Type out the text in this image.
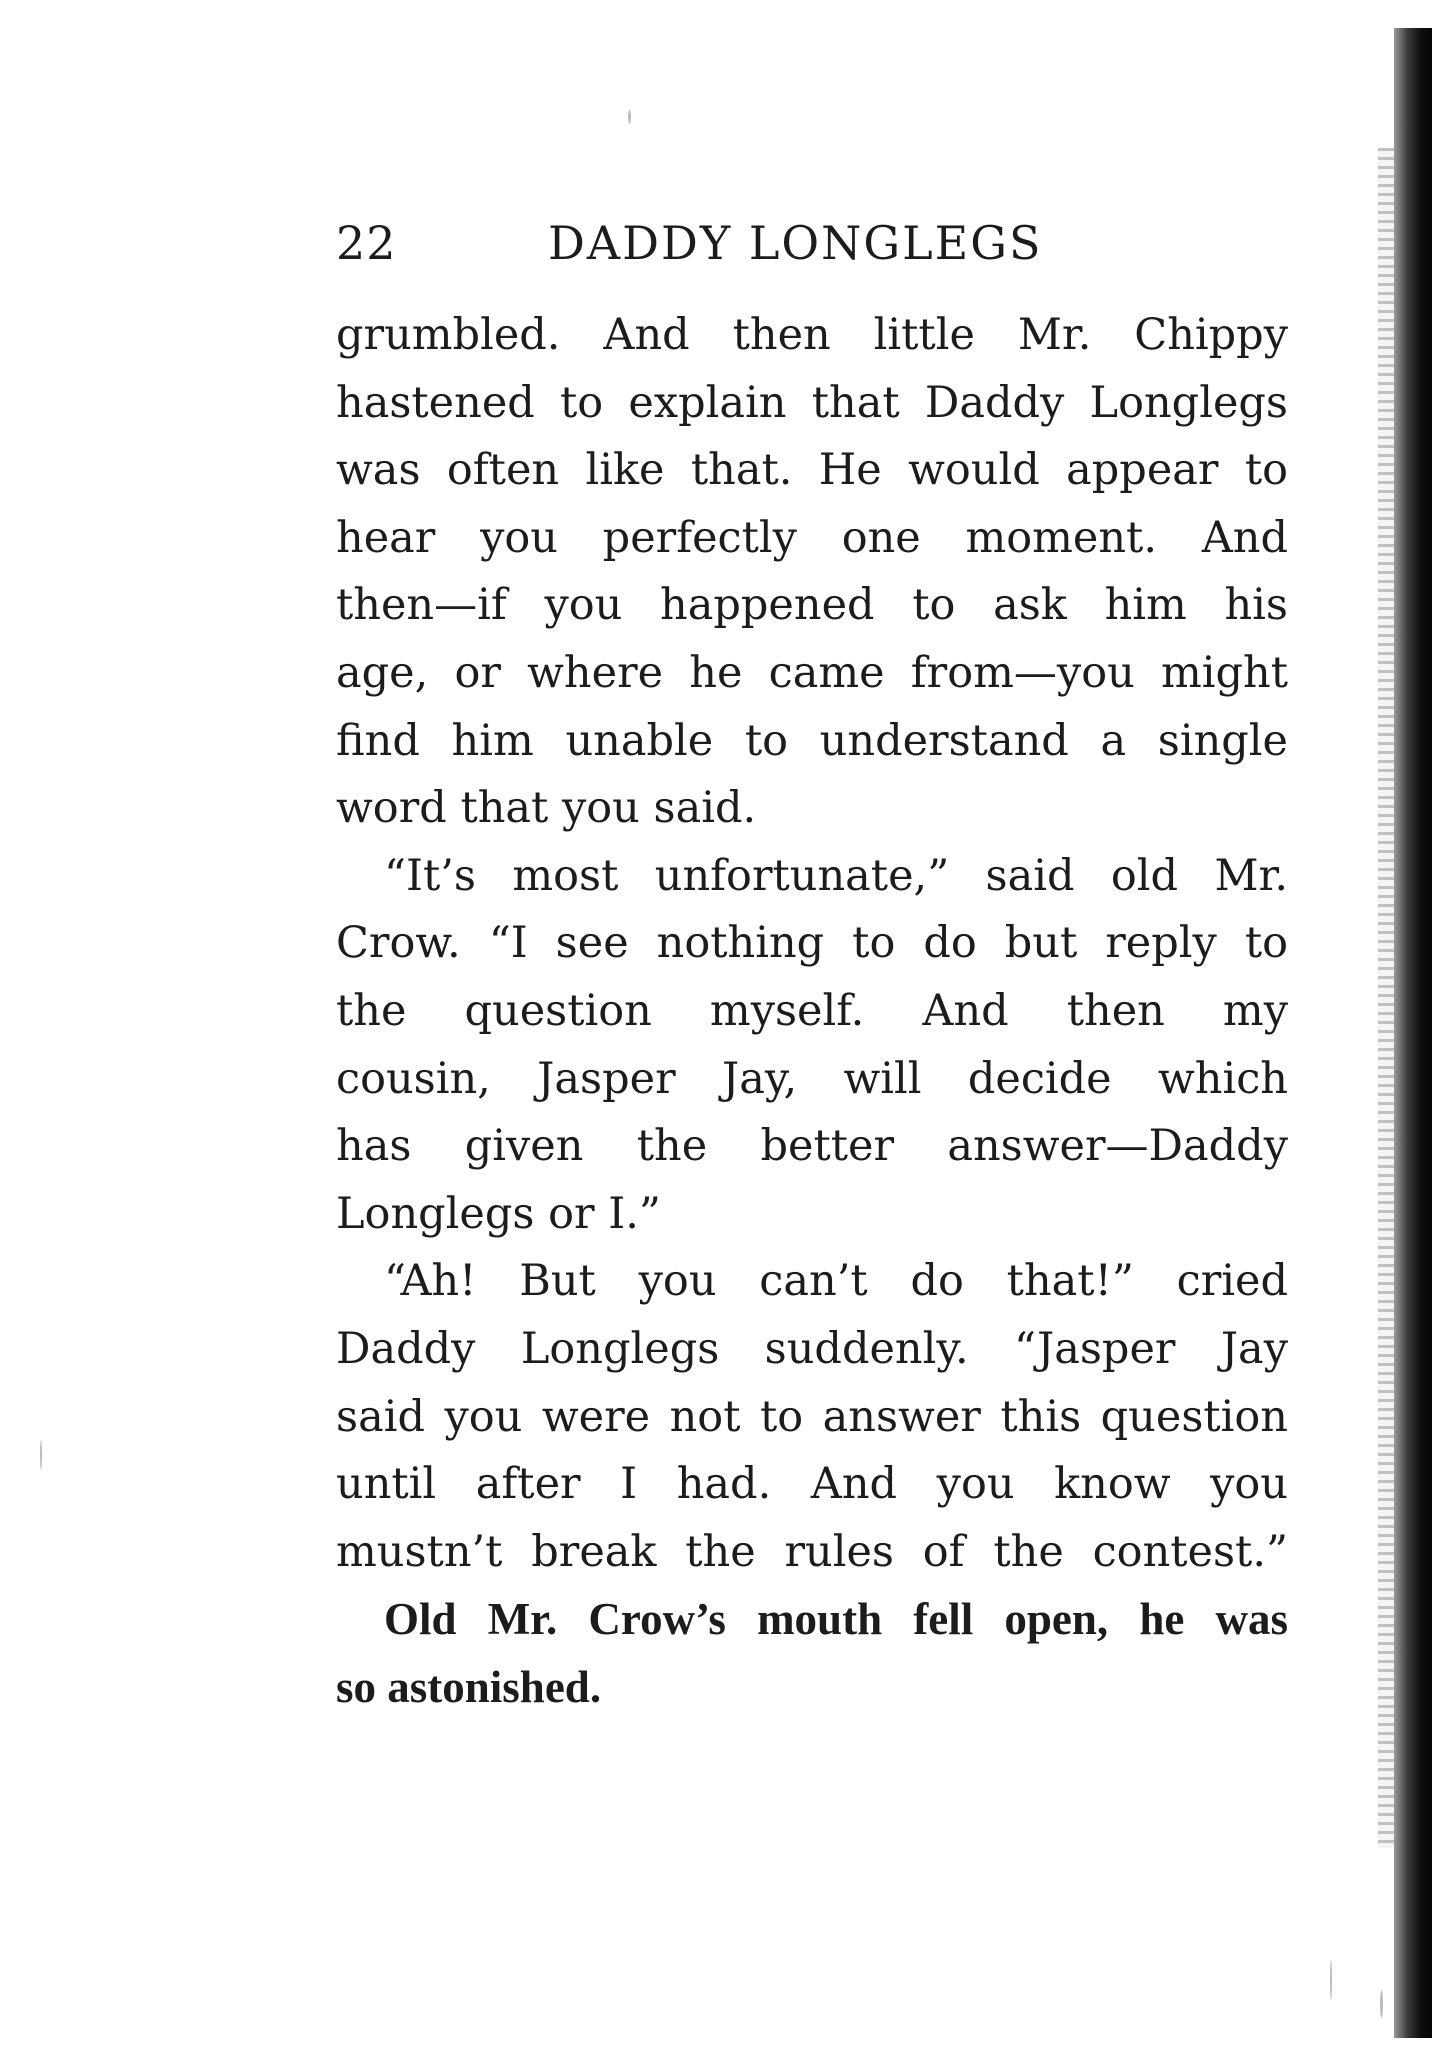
22	DADDY LONGLEGS
grumbled. And then little Mr. Chippy
hastened to explain that Daddy Longlegs
was often like that. He would appear to
hear you perfectly one moment. And
then—if you happened to ask him his
age, or where he came from—you might
find him unable to understand a single
word that you said.
“It’s most unfortunate,” said old Mr.
Crow. “I see nothing to do but reply to
the question myself. And then my
cousin, Jasper Jay, will decide which
has given the better answer—Daddy
Longlegs or I.”
“Ah! But you can’t do that!” cried
Daddy Longlegs suddenly. “Jasper Jay
said you were not to answer this question
until after I had. And you know you
mustn’t break the rules of the contest.”
Old Mr. Crow’s mouth fell open, he was
so astonished.
